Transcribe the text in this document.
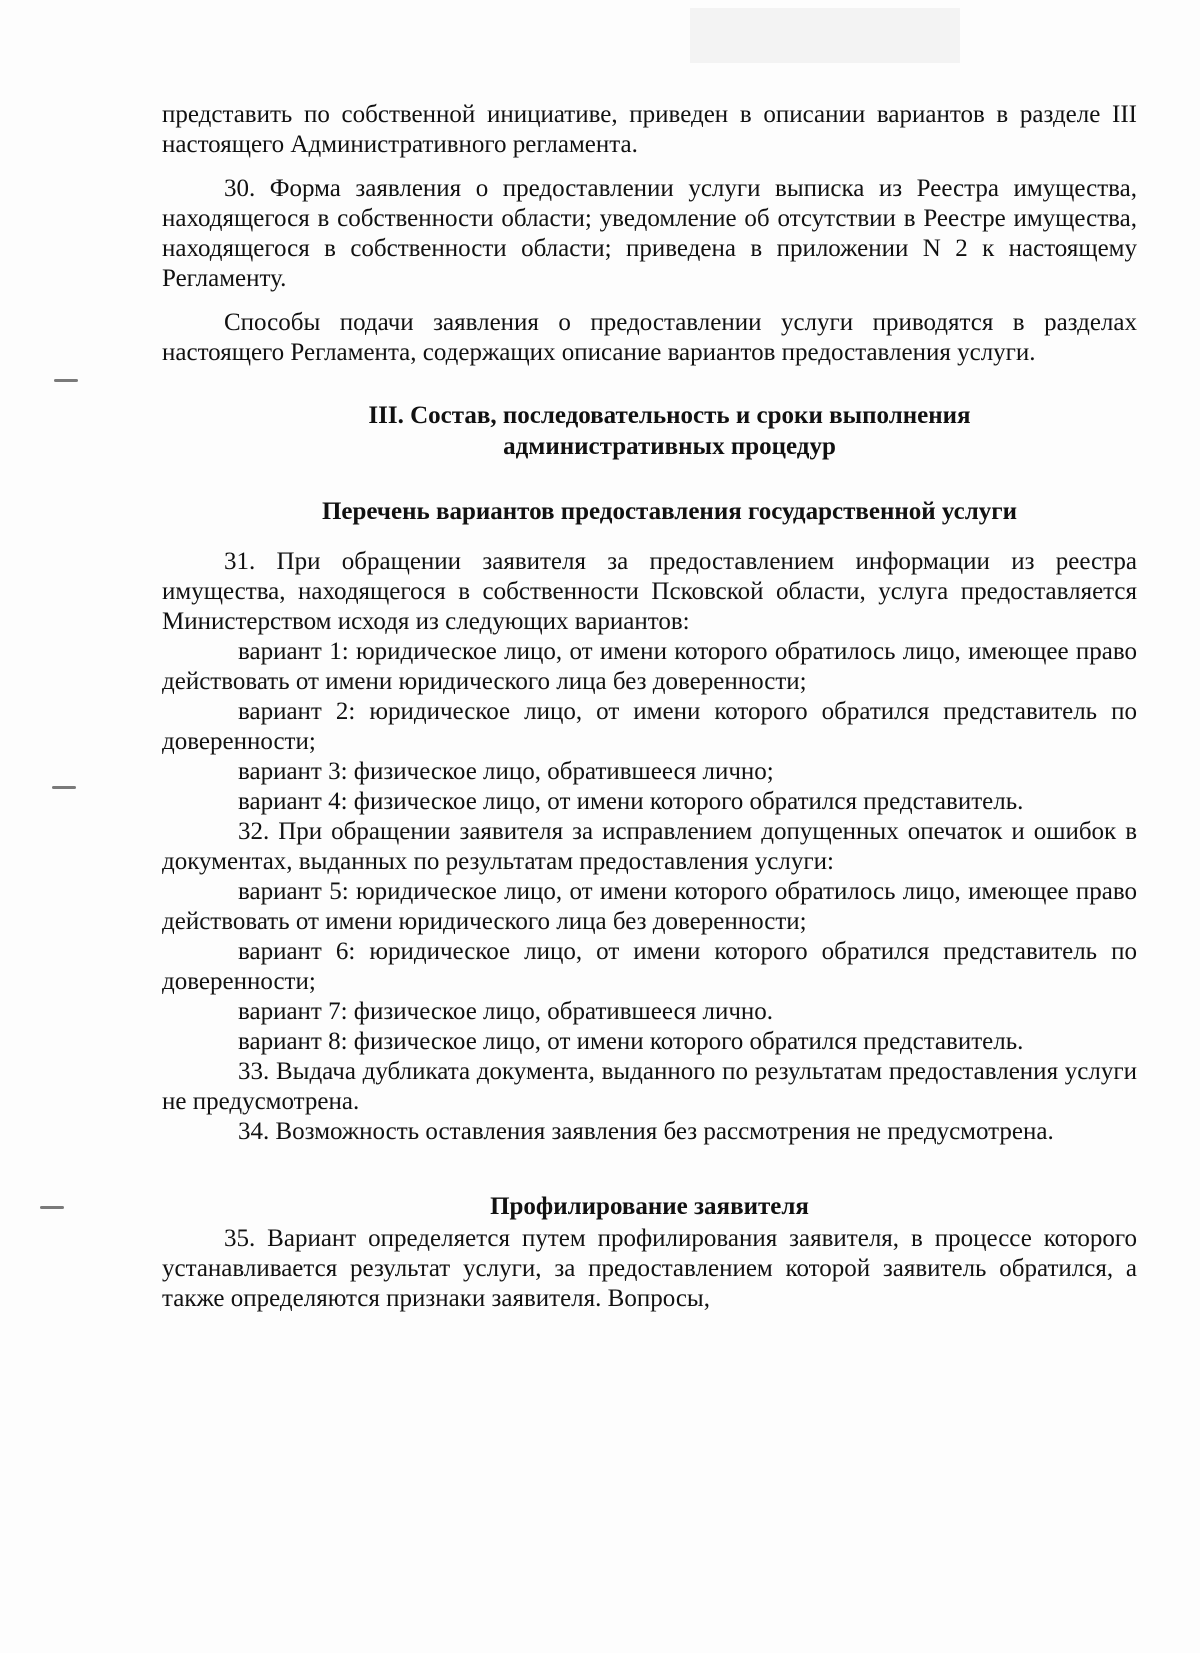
представить по собственной инициативе, приведен в описании вариантов в разделе III настоящего Административного регламента.

30. Форма заявления о предоставлении услуги выписка из Реестра имущества, находящегося в собственности области; уведомление об отсутствии в Реестре имущества, находящегося в собственности области; приведена в приложении N 2 к настоящему Регламенту.

Способы подачи заявления о предоставлении услуги приводятся в разделах настоящего Регламента, содержащих описание вариантов предоставления услуги.

III. Состав, последовательность и сроки выполнения
административных процедур
Перечень вариантов предоставления государственной услуги

31. При обращении заявителя за предоставлением информации из реестра имущества, находящегося в собственности Псковской области, услуга предоставляется Министерством исходя из следующих вариантов:

вариант 1: юридическое лицо, от имени которого обратилось лицо, имеющее право действовать от имени юридического лица без доверенности;

вариант 2: юридическое лицо, от имени которого обратился представитель по доверенности;

вариант 3: физическое лицо, обратившееся лично;

вариант 4: физическое лицо, от имени которого обратился представитель.

32. При обращении заявителя за исправлением допущенных опечаток и ошибок в документах, выданных по результатам предоставления услуги:

вариант 5: юридическое лицо, от имени которого обратилось лицо, имеющее право действовать от имени юридического лица без доверенности;

вариант 6: юридическое лицо, от имени которого обратился представитель по доверенности;

вариант 7: физическое лицо, обратившееся лично.

вариант 8: физическое лицо, от имени которого обратился представитель.

33. Выдача дубликата документа, выданного по результатам предоставления услуги не предусмотрена.

34. Возможность оставления заявления без рассмотрения не предусмотрена.

Профилирование заявителя

35. Вариант определяется путем профилирования заявителя, в процессе которого устанавливается результат услуги, за предоставлением которой заявитель обратился, а также определяются признаки заявителя. Вопросы,
